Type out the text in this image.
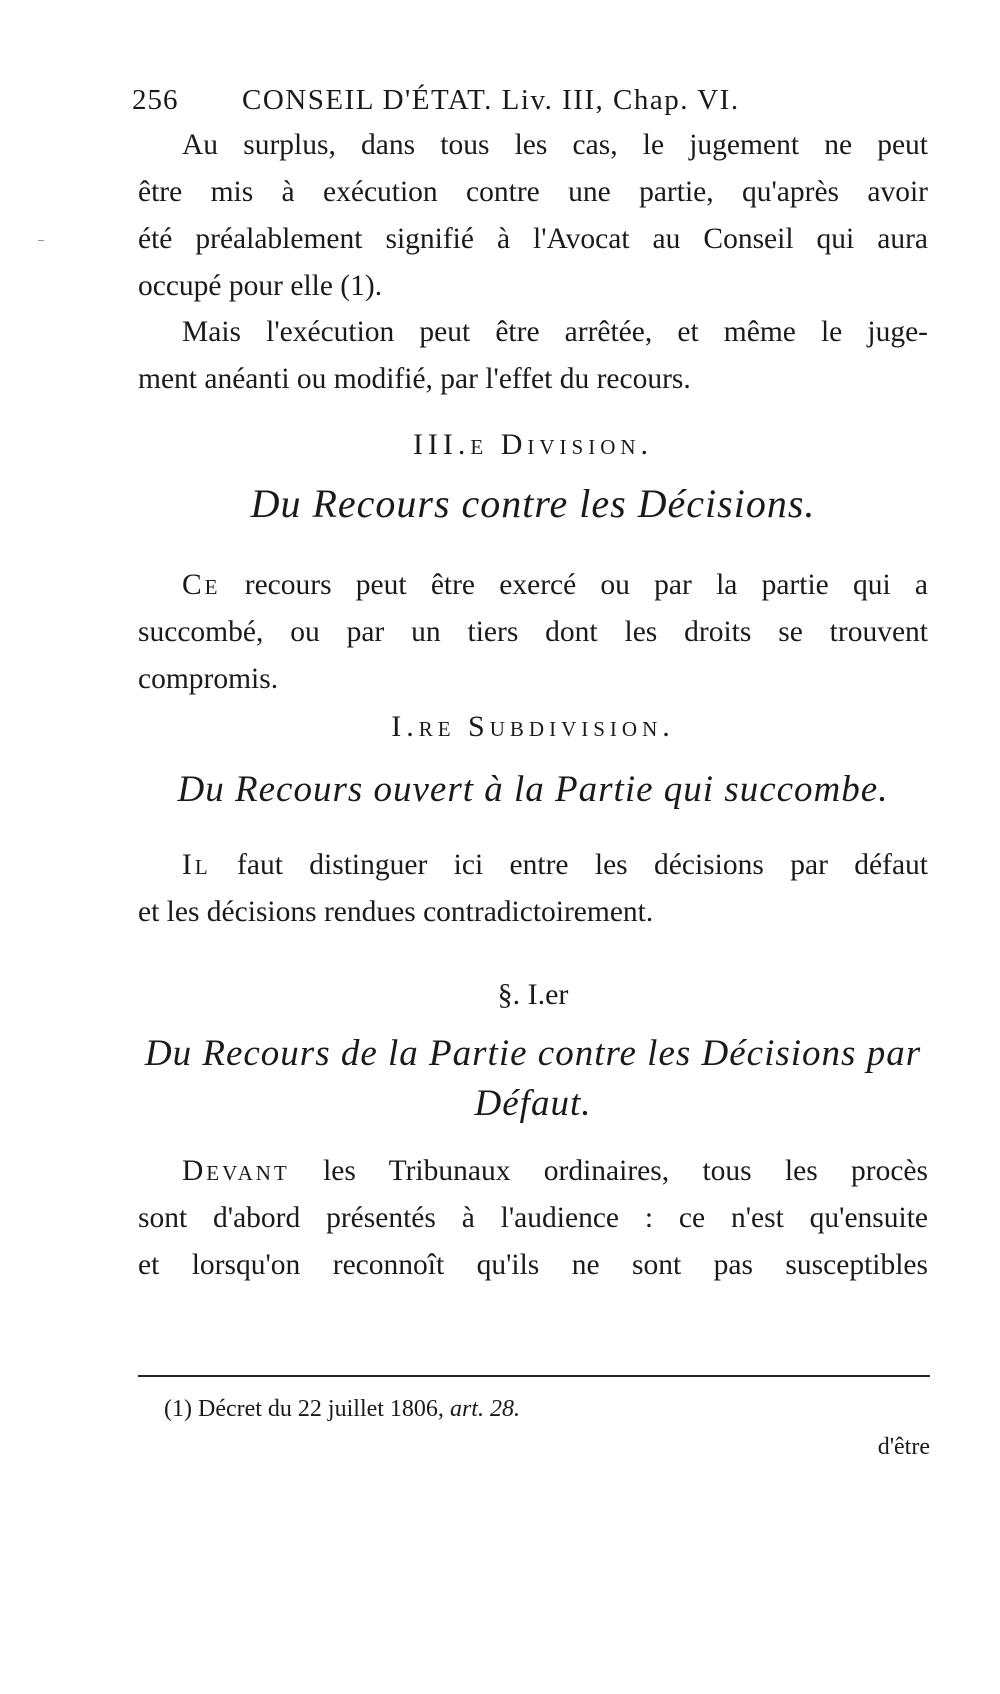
256 CONSEIL D'ÉTAT. Liv. III, Chap. VI.
Au surplus, dans tous les cas, le jugement ne peut
être mis à exécution contre une partie, qu'après avoir
été préalablement signifié à l'Avocat au Conseil qui aura
occupé pour elle (1).
Mais l'exécution peut être arrêtée, et même le juge-
ment anéanti ou modifié, par l'effet du recours.
III.e Division.
Du Recours contre les Décisions.
Ce recours peut être exercé ou par la partie qui a
succombé, ou par un tiers dont les droits se trouvent
compromis.
I.re Subdivision.
Du Recours ouvert à la Partie qui succombe.
Il faut distinguer ici entre les décisions par défaut
et les décisions rendues contradictoirement.
§. I.er
Du Recours de la Partie contre les Décisions par
Défaut.
Devant les Tribunaux ordinaires, tous les procès
sont d'abord présentés à l'audience : ce n'est qu'ensuite
et lorsqu'on reconnoît qu'ils ne sont pas susceptibles
(1) Décret du 22 juillet 1806, art. 28.
d'être
